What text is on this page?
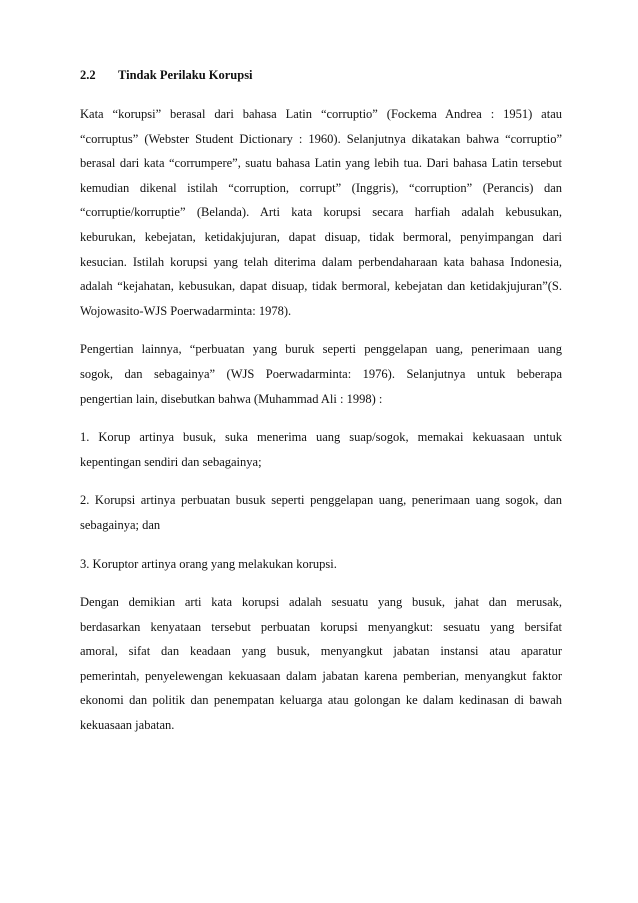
2.2 Tindak Perilaku Korupsi
Kata “korupsi” berasal dari bahasa Latin “corruptio” (Fockema Andrea : 1951) atau
“corruptus” (Webster Student Dictionary : 1960). Selanjutnya dikatakan bahwa “corruptio”
berasal dari kata “corrumpere”, suatu bahasa Latin yang lebih tua. Dari bahasa Latin tersebut
kemudian dikenal istilah “corruption, corrupt” (Inggris), “corruption” (Perancis) dan
“corruptie/korruptie” (Belanda). Arti kata korupsi secara harfiah adalah kebusukan,
keburukan, kebejatan, ketidakjujuran, dapat disuap, tidak bermoral, penyimpangan dari
kesucian. Istilah korupsi yang telah diterima dalam perbendaharaan kata bahasa Indonesia,
adalah “kejahatan, kebusukan, dapat disuap, tidak bermoral, kebejatan dan ketidakjujuran”(S.
Wojowasito-WJS Poerwadarminta: 1978).
Pengertian lainnya, “perbuatan yang buruk seperti penggelapan uang, penerimaan uang
sogok, dan sebagainya” (WJS Poerwadarminta: 1976). Selanjutnya untuk beberapa
pengertian lain, disebutkan bahwa (Muhammad Ali : 1998) :
1. Korup artinya busuk, suka menerima uang suap/sogok, memakai kekuasaan untuk
kepentingan sendiri dan sebagainya;
2. Korupsi artinya perbuatan busuk seperti penggelapan uang, penerimaan uang sogok, dan
sebagainya; dan
3. Koruptor artinya orang yang melakukan korupsi.
Dengan demikian arti kata korupsi adalah sesuatu yang busuk, jahat dan merusak,
berdasarkan kenyataan tersebut perbuatan korupsi menyangkut: sesuatu yang bersifat
amoral, sifat dan keadaan yang busuk, menyangkut jabatan instansi atau aparatur
pemerintah, penyelewengan kekuasaan dalam jabatan karena pemberian, menyangkut faktor
ekonomi dan politik dan penempatan keluarga atau golongan ke dalam kedinasan di bawah
kekuasaan jabatan.
